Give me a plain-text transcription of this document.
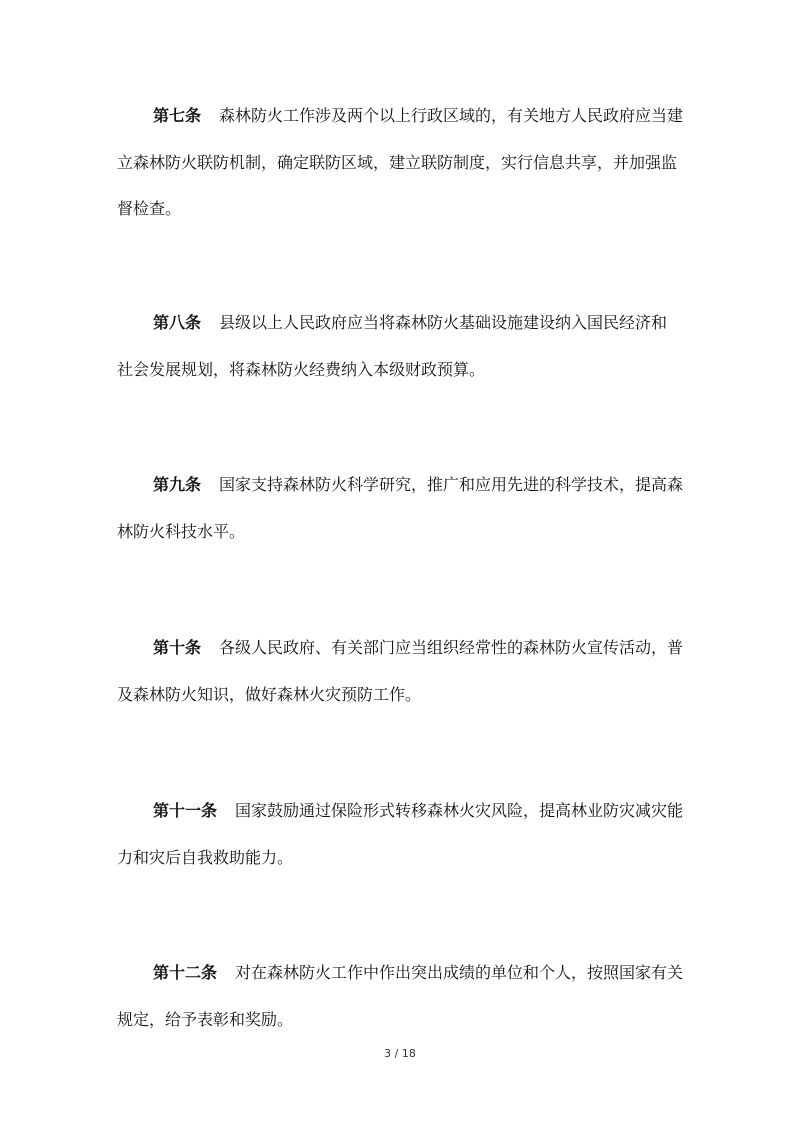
第七条 森林防火工作涉及两个以上行政区域的，有关地方人民政府应当建
立森林防火联防机制，确定联防区域，建立联防制度，实行信息共享，并加强监
督检查。
第八条 县级以上人民政府应当将森林防火基础设施建设纳入国民经济和
社会发展规划，将森林防火经费纳入本级财政预算。
第九条 国家支持森林防火科学研究，推广和应用先进的科学技术，提高森
林防火科技水平。
第十条 各级人民政府、有关部门应当组织经常性的森林防火宣传活动，普
及森林防火知识，做好森林火灾预防工作。
第十一条 国家鼓励通过保险形式转移森林火灾风险，提高林业防灾减灾能
力和灾后自我救助能力。
第十二条 对在森林防火工作中作出突出成绩的单位和个人，按照国家有关
规定，给予表彰和奖励。
3 / 18
